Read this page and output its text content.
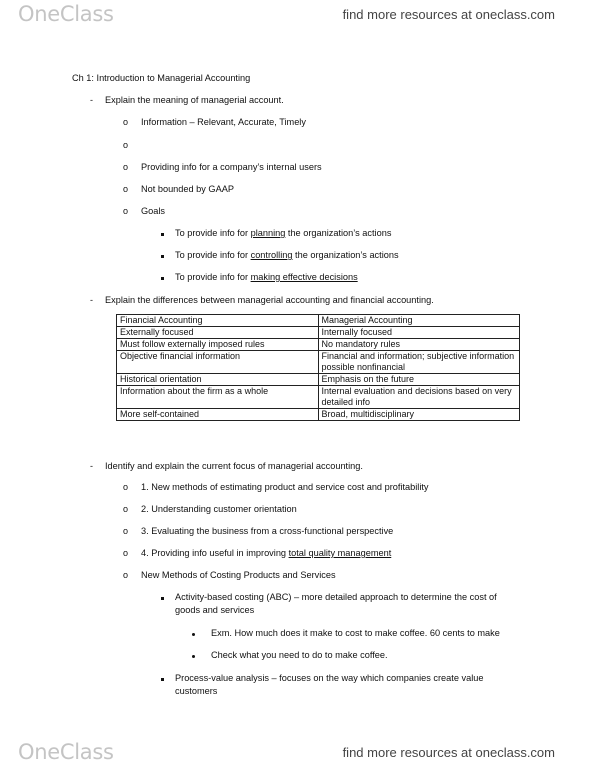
OneClass	find more resources at oneclass.com
Ch 1: Introduction to Managerial Accounting
- Explain the meaning of managerial account.
o Information – Relevant, Accurate, Timely
o
o Providing info for a company’s internal users
o Not bounded by GAAP
o Goals
To provide info for planning the organization’s actions
To provide info for controlling the organization’s actions
To provide info for making effective decisions
- Explain the differences between managerial accounting and financial accounting.
Financial Accounting	Managerial Accounting
Externally focused	Internally focused
Must follow externally imposed rules	No mandatory rules
Objective financial information	Financial and information; subjective information possible nonfinancial
Historical orientation	Emphasis on the future
Information about the firm as a whole	Internal evaluation and decisions based on very detailed info
More self-contained	Broad, multidisciplinary
- Identify and explain the current focus of managerial accounting.
o 1. New methods of estimating product and service cost and profitability
o 2. Understanding customer orientation
o 3. Evaluating the business from a cross-functional perspective
o 4. Providing info useful in improving total quality management
o New Methods of Costing Products and Services
Activity-based costing (ABC) – more detailed approach to determine the cost of
goods and services
Exm. How much does it make to cost to make coffee. 60 cents to make
Check what you need to do to make coffee.
Process-value analysis – focuses on the way which companies create value
customers
OneClass	find more resources at oneclass.com
